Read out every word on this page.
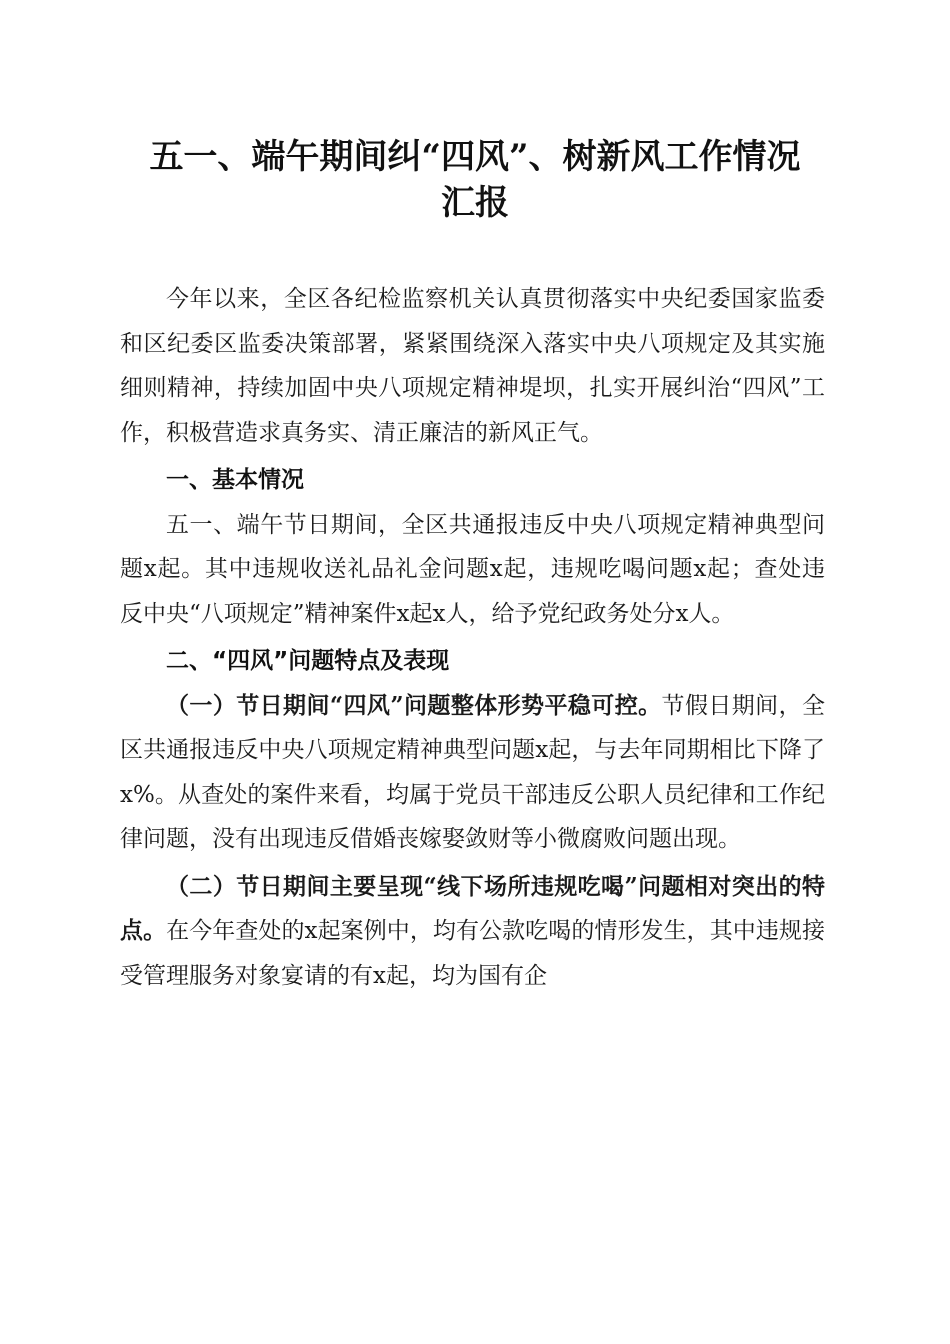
五一、端午期间纠“四风”、树新风工作情况
汇报

今年以来，全区各纪检监察机关认真贯彻落实中央纪委国家监委和区纪委区监委决策部署，紧紧围绕深入落实中央八项规定及其实施细则精神，持续加固中央八项规定精神堤坝，扎实开展纠治“四风”工作，积极营造求真务实、清正廉洁的新风正气。

一、基本情况

五一、端午节日期间，全区共通报违反中央八项规定精神典型问题x起。其中违规收送礼品礼金问题x起，违规吃喝问题x起；查处违反中央“八项规定”精神案件x起x人，给予党纪政务处分x人。

二、“四风”问题特点及表现

（一）节日期间“四风”问题整体形势平稳可控。节假日期间，全区共通报违反中央八项规定精神典型问题x起，与去年同期相比下降了x%。从查处的案件来看，均属于党员干部违反公职人员纪律和工作纪律问题，没有出现违反借婚丧嫁娶敛财等小微腐败问题出现。

（二）节日期间主要呈现“线下场所违规吃喝”问题相对突出的特点。在今年查处的x起案例中，均有公款吃喝的情形发生，其中违规接受管理服务对象宴请的有x起，均为国有企
